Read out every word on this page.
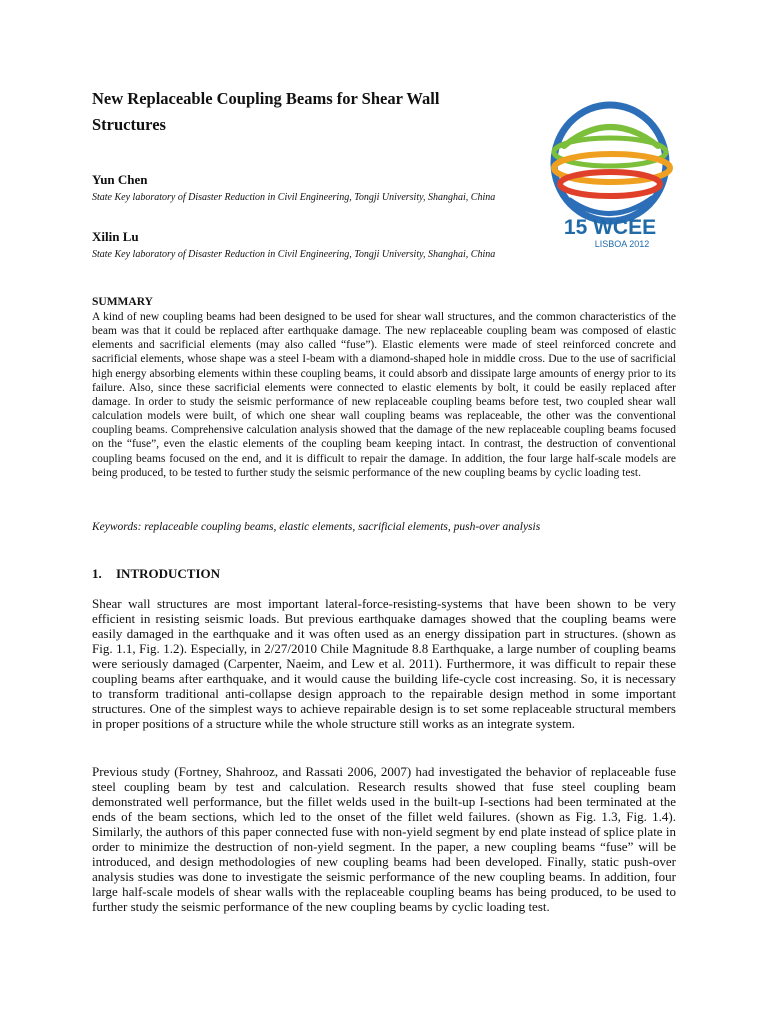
New Replaceable Coupling Beams for Shear Wall Structures
15 WCEE
LISBOA 2012

Yun Chen

State Key laboratory of Disaster Reduction in Civil Engineering, Tongji University, Shanghai, China

Xilin Lu

State Key laboratory of Disaster Reduction in Civil Engineering, Tongji University, Shanghai, China

SUMMARY

A kind of new coupling beams had been designed to be used for shear wall structures, and the common characteristics of the beam was that it could be replaced after earthquake damage. The new replaceable coupling beam was composed of elastic elements and sacrificial elements (may also called “fuse”). Elastic elements were made of steel reinforced concrete and sacrificial elements, whose shape was a steel I-beam with a diamond-shaped hole in middle cross. Due to the use of sacrificial high energy absorbing elements within these coupling beams, it could absorb and dissipate large amounts of energy prior to its failure. Also, since these sacrificial elements were connected to elastic elements by bolt, it could be easily replaced after damage. In order to study the seismic performance of new replaceable coupling beams before test, two coupled shear wall calculation models were built, of which one shear wall coupling beams was replaceable, the other was the conventional coupling beams. Comprehensive calculation analysis showed that the damage of the new replaceable coupling beams focused on the “fuse”, even the elastic elements of the coupling beam keeping intact. In contrast, the destruction of conventional coupling beams focused on the end, and it is difficult to repair the damage. In addition, the four large half-scale models are being produced, to be tested to further study the seismic performance of the new coupling beams by cyclic loading test.

Keywords: replaceable coupling beams, elastic elements, sacrificial elements, push-over analysis

1. INTRODUCTION

Shear wall structures are most important lateral-force-resisting-systems that have been shown to be very efficient in resisting seismic loads. But previous earthquake damages showed that the coupling beams were easily damaged in the earthquake and it was often used as an energy dissipation part in structures. (shown as Fig. 1.1, Fig. 1.2). Especially, in 2/27/2010 Chile Magnitude 8.8 Earthquake, a large number of coupling beams were seriously damaged (Carpenter, Naeim, and Lew et al. 2011). Furthermore, it was difficult to repair these coupling beams after earthquake, and it would cause the building life-cycle cost increasing. So, it is necessary to transform traditional anti-collapse design approach to the repairable design method in some important structures. One of the simplest ways to achieve repairable design is to set some replaceable structural members in proper positions of a structure while the whole structure still works as an integrate system.

Previous study (Fortney, Shahrooz, and Rassati 2006, 2007) had investigated the behavior of replaceable fuse steel coupling beam by test and calculation. Research results showed that fuse steel coupling beam demonstrated well performance, but the fillet welds used in the built-up I-sections had been terminated at the ends of the beam sections, which led to the onset of the fillet weld failures. (shown as Fig. 1.3, Fig. 1.4). Similarly, the authors of this paper connected fuse with non-yield segment by end plate instead of splice plate in order to minimize the destruction of non-yield segment. In the paper, a new coupling beams “fuse” will be introduced, and design methodologies of new coupling beams had been developed. Finally, static push-over analysis studies was done to investigate the seismic performance of the new coupling beams. In addition, four large half-scale models of shear walls with the replaceable coupling beams has being produced, to be used to further study the seismic performance of the new coupling beams by cyclic loading test.
